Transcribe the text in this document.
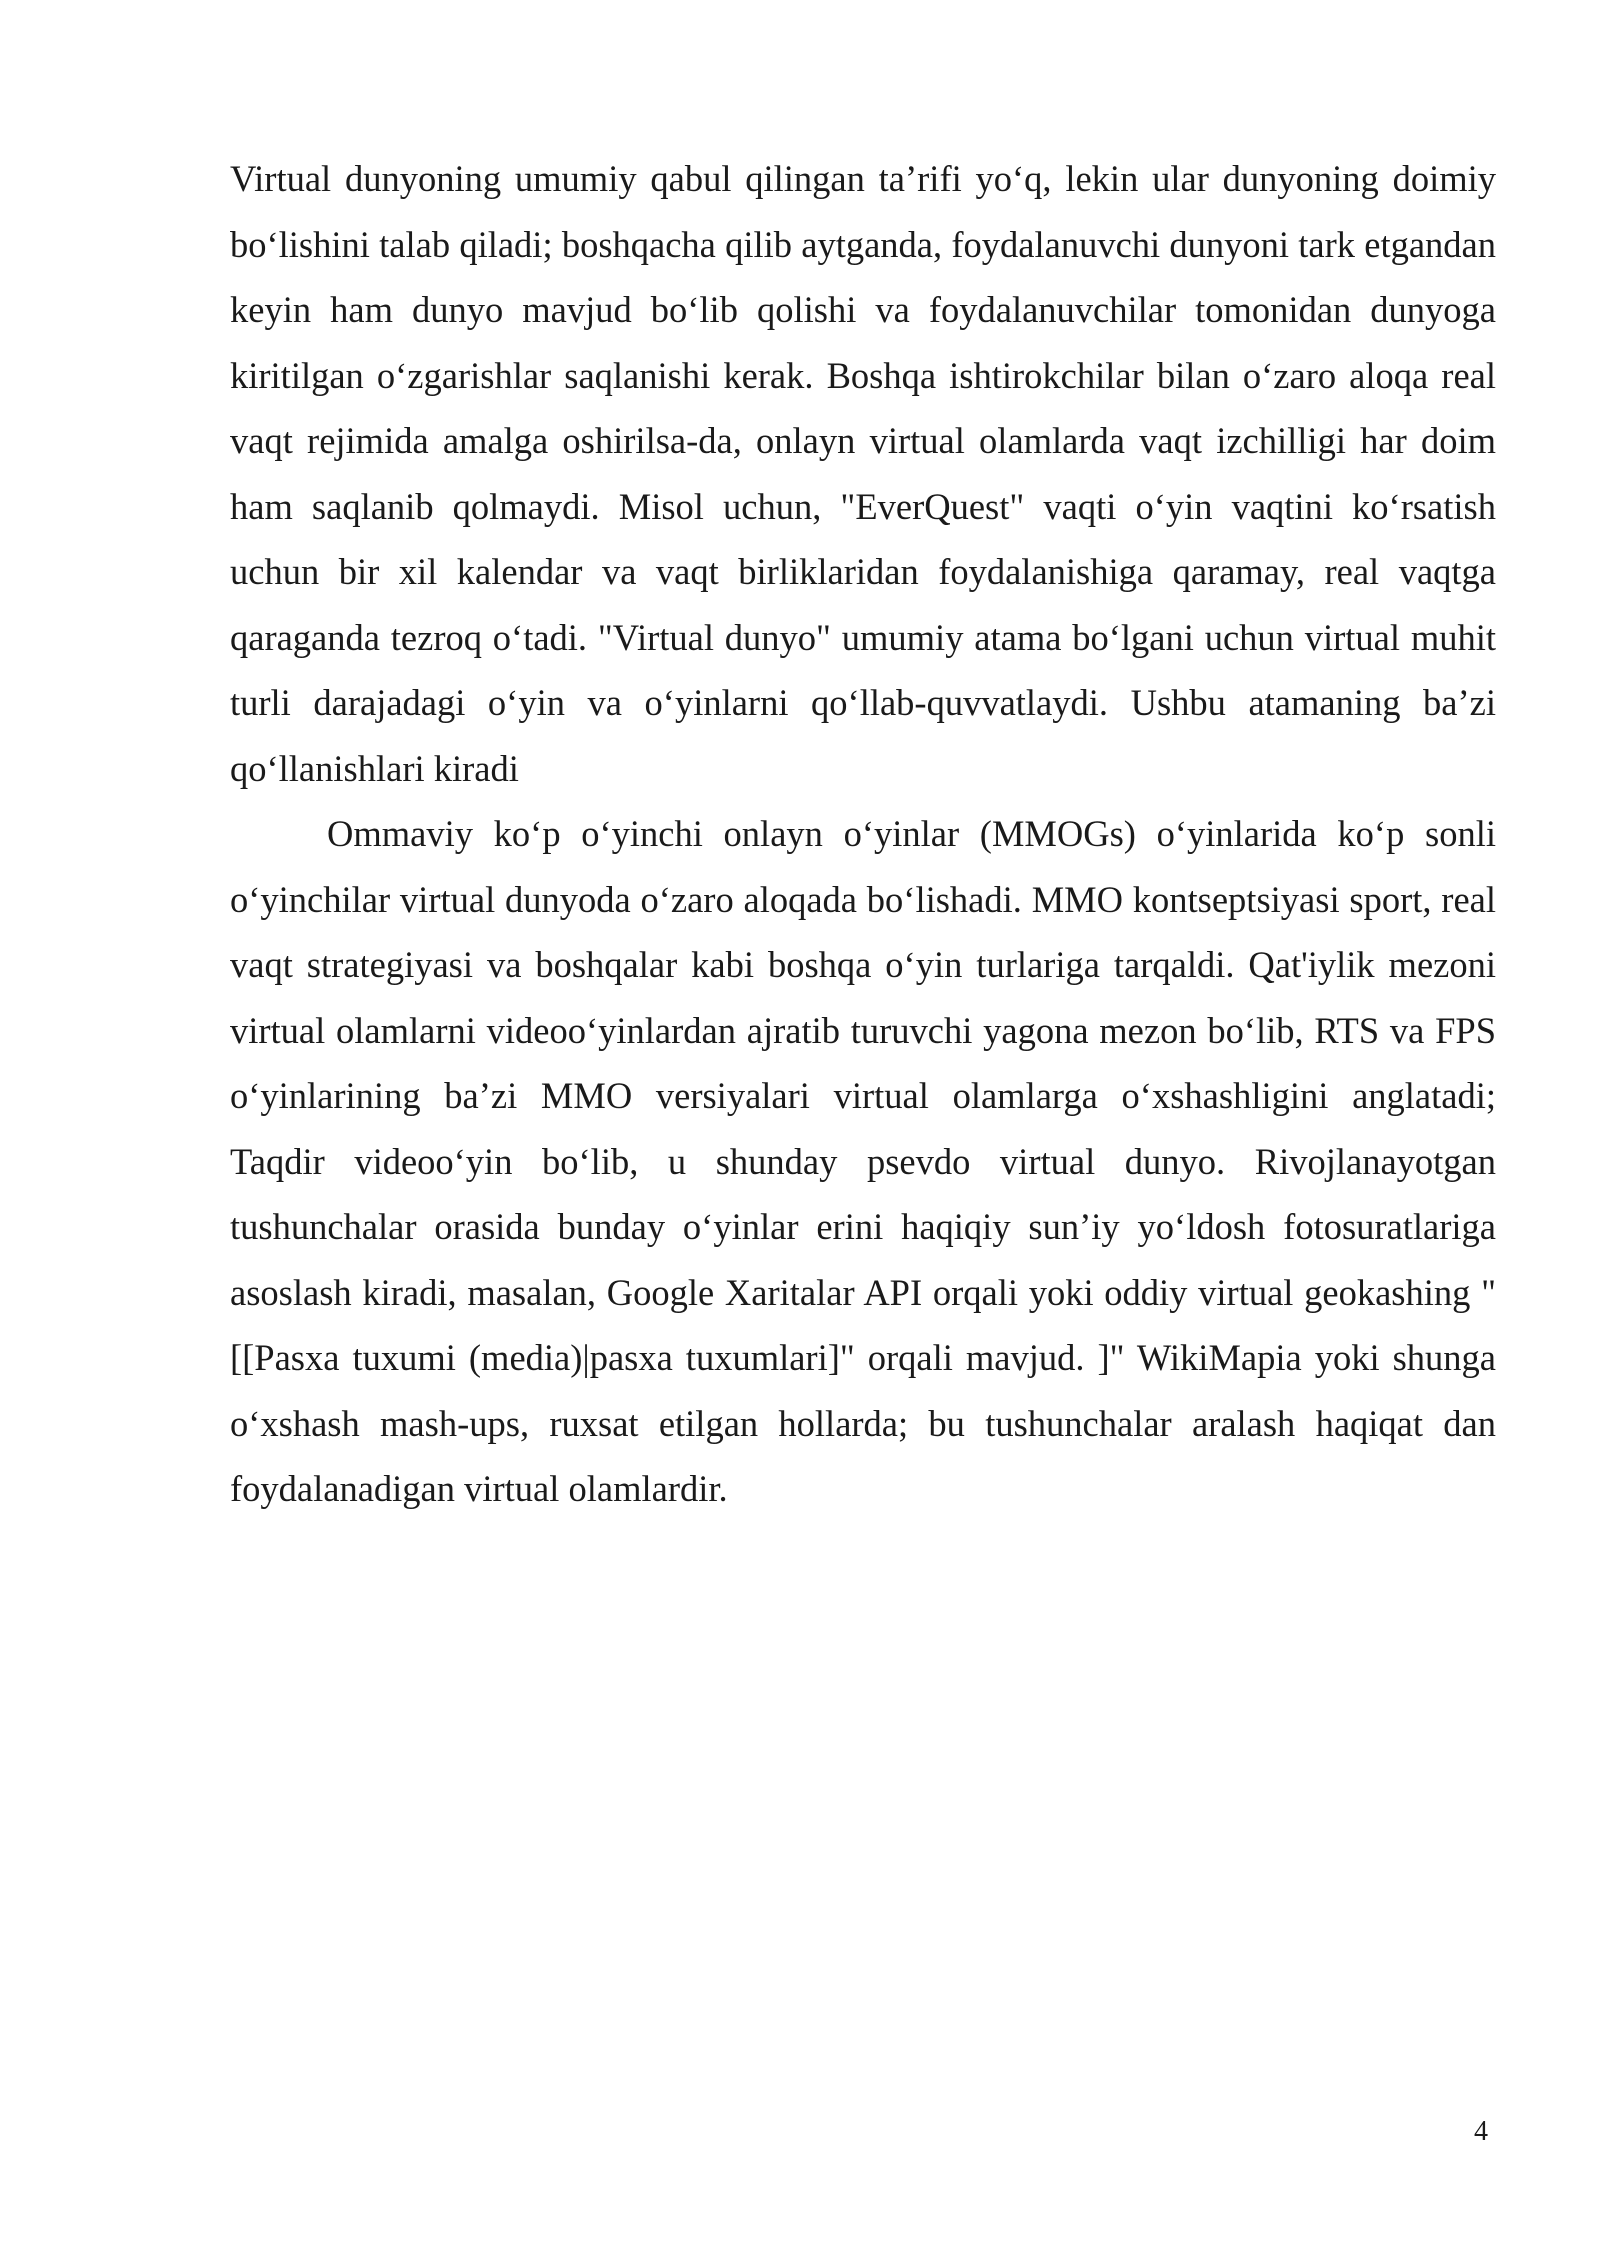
Virtual dunyoning umumiy qabul qilingan ta’rifi yo‘q, lekin ular dunyoning doimiy bo‘lishini talab qiladi; boshqacha qilib aytganda, foydalanuvchi dunyoni tark etgandan keyin ham dunyo mavjud bo‘lib qolishi va foydalanuvchilar tomonidan dunyoga kiritilgan o‘zgarishlar saqlanishi kerak. Boshqa ishtirokchilar bilan o‘zaro aloqa real vaqt rejimida amalga oshirilsa-da, onlayn virtual olamlarda vaqt izchilligi har doim ham saqlanib qolmaydi. Misol uchun, "EverQuest" vaqti o‘yin vaqtini ko‘rsatish uchun bir xil kalendar va vaqt birliklaridan foydalanishiga qaramay, real vaqtga qaraganda tezroq o‘tadi. "Virtual dunyo" umumiy atama bo‘lgani uchun virtual muhit turli darajadagi o‘yin va o‘yinlarni qo‘llab-quvvatlaydi. Ushbu atamaning ba’zi qo‘llanishlari kiradi

Ommaviy ko‘p o‘yinchi onlayn o‘yinlar (MMOGs) o‘yinlarida ko‘p sonli o‘yinchilar virtual dunyoda o‘zaro aloqada bo‘lishadi. MMO kontseptsiyasi sport, real vaqt strategiyasi va boshqalar kabi boshqa o‘yin turlariga tarqaldi. Qat'iylik mezoni virtual olamlarni videoo‘yinlardan ajratib turuvchi yagona mezon bo‘lib, RTS va FPS o‘yinlarining ba’zi MMO versiyalari virtual olamlarga o‘xshashligini anglatadi; Taqdir videoo‘yin bo‘lib, u shunday psevdo virtual dunyo. Rivojlanayotgan tushunchalar orasida bunday o‘yinlar erini haqiqiy sun’iy yo‘ldosh fotosuratlariga asoslash kiradi, masalan, Google Xaritalar API orqali yoki oddiy virtual geokashing "[[Pasxa tuxumi (media)|pasxa tuxumlari]" orqali mavjud. ]" WikiMapia yoki shunga o‘xshash mash-ups, ruxsat etilgan hollarda; bu tushunchalar aralash haqiqat dan foydalanadigan virtual olamlardir.

4
